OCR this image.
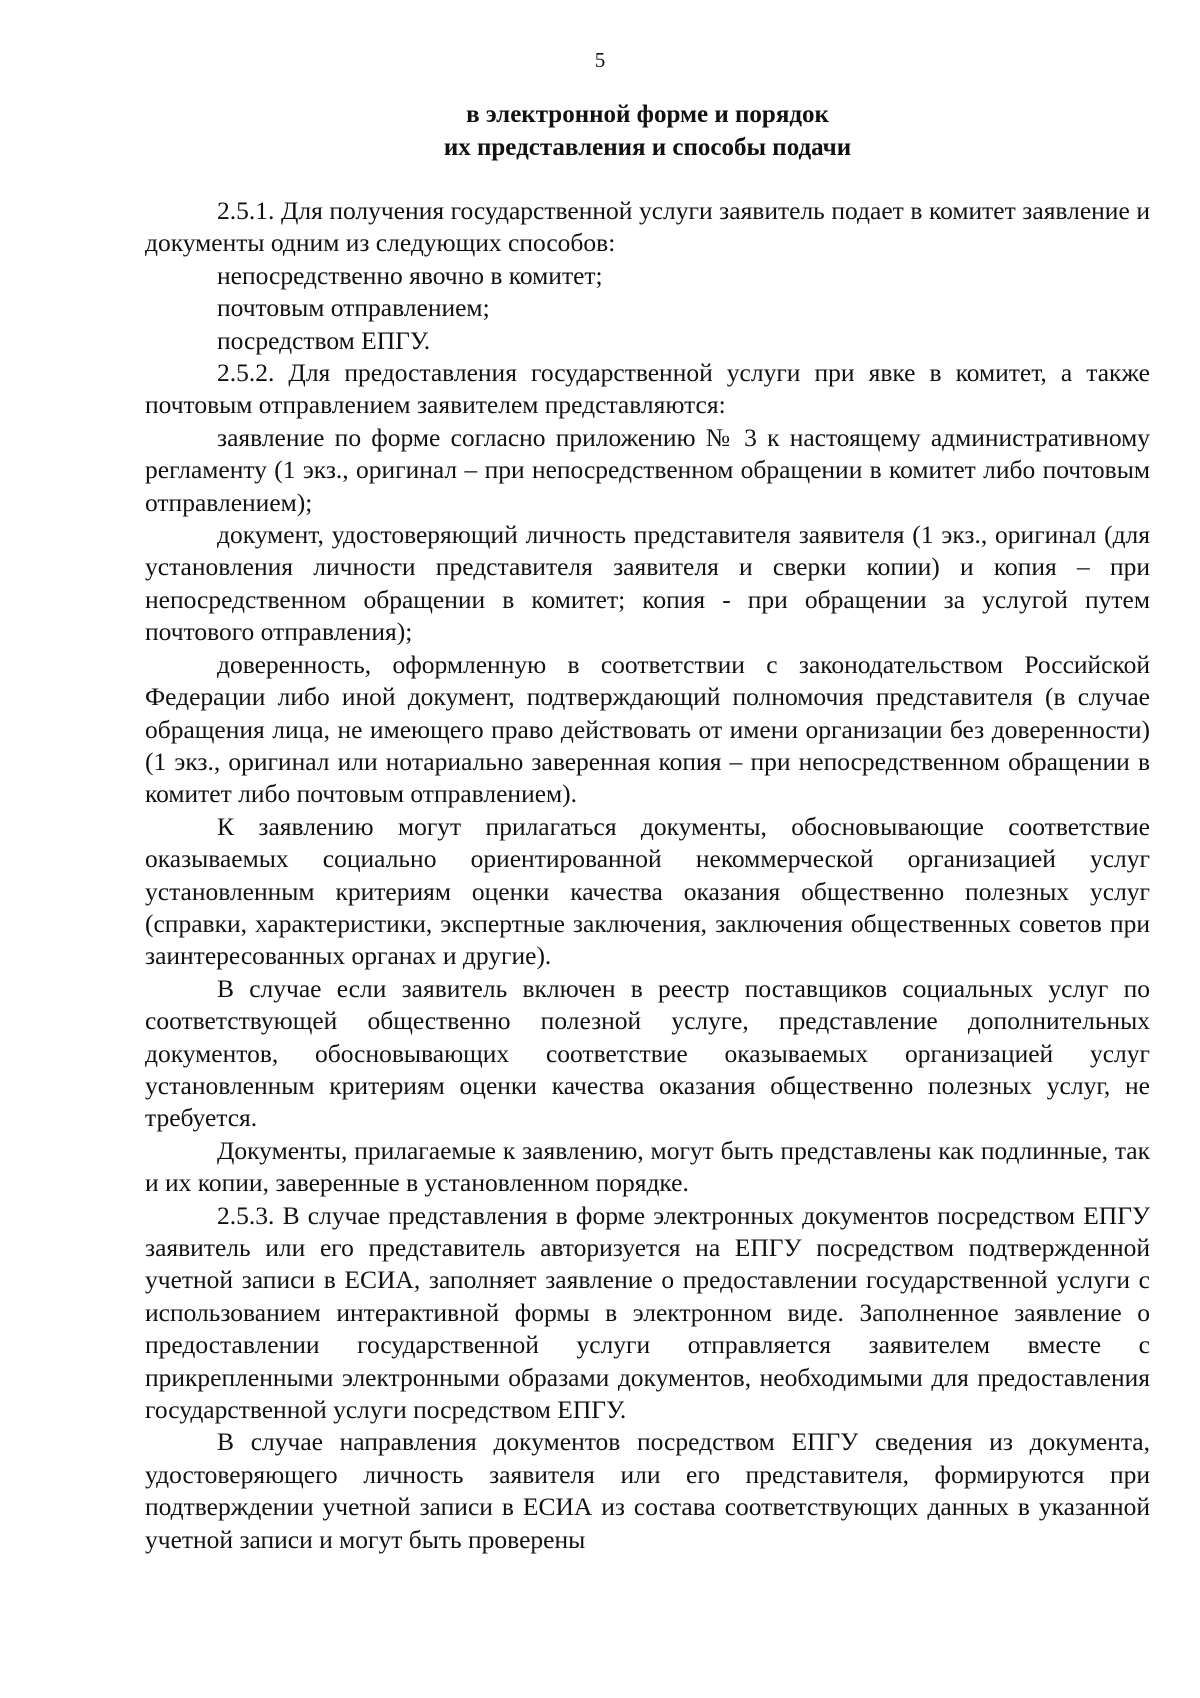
5
в электронной форме и порядок
их представления и способы подачи

2.5.1. Для получения государственной услуги заявитель подает в комитет заявление и документы одним из следующих способов:

непосредственно явочно в комитет;

почтовым отправлением;

посредством ЕПГУ.

2.5.2. Для предоставления государственной услуги при явке в комитет, а также почтовым отправлением заявителем представляются:

заявление по форме согласно приложению № 3 к настоящему административному регламенту (1 экз., оригинал – при непосредственном обращении в комитет либо почтовым отправлением);

документ, удостоверяющий личность представителя заявителя (1 экз., оригинал (для установления личности представителя заявителя и сверки копии) и копия – при непосредственном обращении в комитет; копия - при обращении за услугой путем почтового отправления);

доверенность, оформленную в соответствии с законодательством Российской Федерации либо иной документ, подтверждающий полномочия представителя (в случае обращения лица, не имеющего право действовать от имени организации без доверенности) (1 экз., оригинал или нотариально заверенная копия – при непосредственном обращении в комитет либо почтовым отправлением).

К заявлению могут прилагаться документы, обосновывающие соответствие оказываемых социально ориентированной некоммерческой организацией услуг установленным критериям оценки качества оказания общественно полезных услуг (справки, характеристики, экспертные заключения, заключения общественных советов при заинтересованных органах и другие).

В случае если заявитель включен в реестр поставщиков социальных услуг по соответствующей общественно полезной услуге, представление дополнительных документов, обосновывающих соответствие оказываемых организацией услуг установленным критериям оценки качества оказания общественно полезных услуг, не требуется.

Документы, прилагаемые к заявлению, могут быть представлены как подлинные, так и их копии, заверенные в установленном порядке.

2.5.3. В случае представления в форме электронных документов посредством ЕПГУ заявитель или его представитель авторизуется на ЕПГУ посредством подтвержденной учетной записи в ЕСИА, заполняет заявление о предоставлении государственной услуги с использованием интерактивной формы в электронном виде. Заполненное заявление о предоставлении государственной услуги отправляется заявителем вместе с прикрепленными электронными образами документов, необходимыми для предоставления государственной услуги посредством ЕПГУ.

В случае направления документов посредством ЕПГУ сведения из документа, удостоверяющего личность заявителя или его представителя, формируются при подтверждении учетной записи в ЕСИА из состава соответствующих данных в указанной учетной записи и могут быть проверены
